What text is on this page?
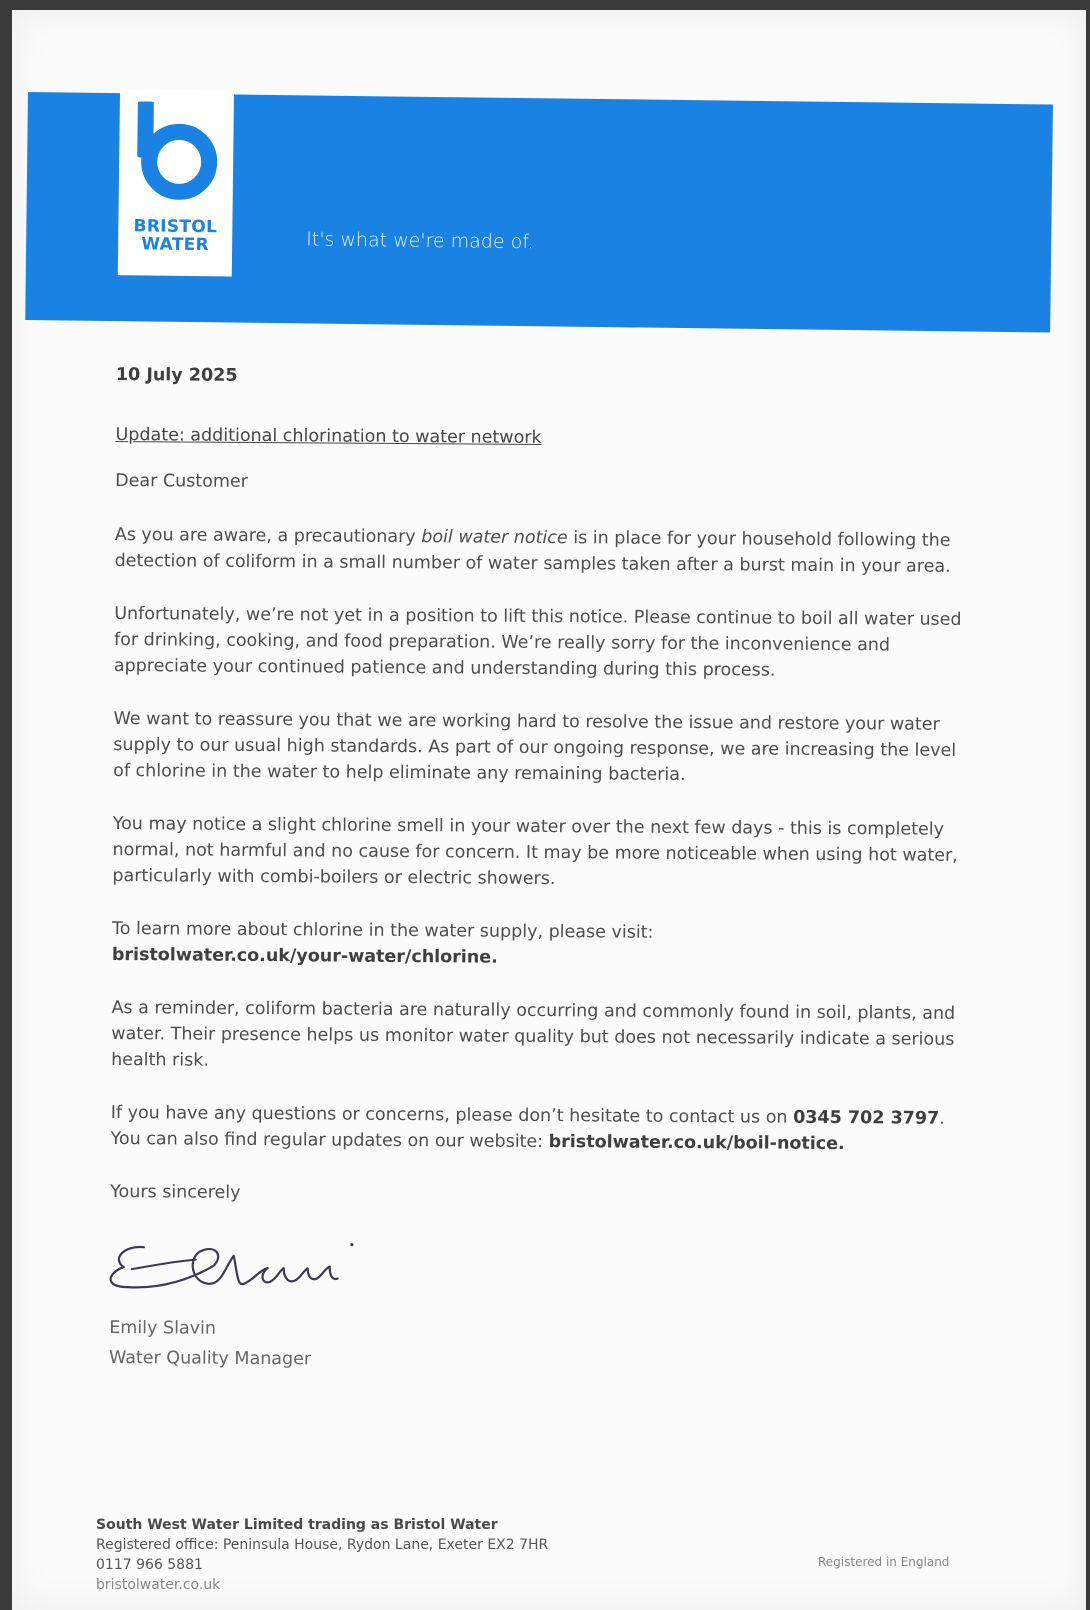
BRISTOL
WATER	It's what we're made of.
10 July 2025
Update: additional chlorination to water network
Dear Customer
As you are aware, a precautionary boil water notice is in place for your household following the detection of coliform in a small number of water samples taken after a burst main in your area.
Unfortunately, we’re not yet in a position to lift this notice. Please continue to boil all water used for drinking, cooking, and food preparation. We’re really sorry for the inconvenience and appreciate your continued patience and understanding during this process.
We want to reassure you that we are working hard to resolve the issue and restore your water supply to our usual high standards. As part of our ongoing response, we are increasing the level of chlorine in the water to help eliminate any remaining bacteria.
You may notice a slight chlorine smell in your water over the next few days - this is completely normal, not harmful and no cause for concern. It may be more noticeable when using hot water, particularly with combi-boilers or electric showers.
To learn more about chlorine in the water supply, please visit:
bristolwater.co.uk/your-water/chlorine.
As a reminder, coliform bacteria are naturally occurring and commonly found in soil, plants, and water. Their presence helps us monitor water quality but does not necessarily indicate a serious health risk.
If you have any questions or concerns, please don’t hesitate to contact us on 0345 702 3797.
You can also find regular updates on our website: bristolwater.co.uk/boil-notice.
Yours sincerely
Emily Slavin
Water Quality Manager
South West Water Limited trading as Bristol Water
Registered office: Peninsula House, Rydon Lane, Exeter EX2 7HR
0117 966 5881
bristolwater.co.uk
Registered in England
